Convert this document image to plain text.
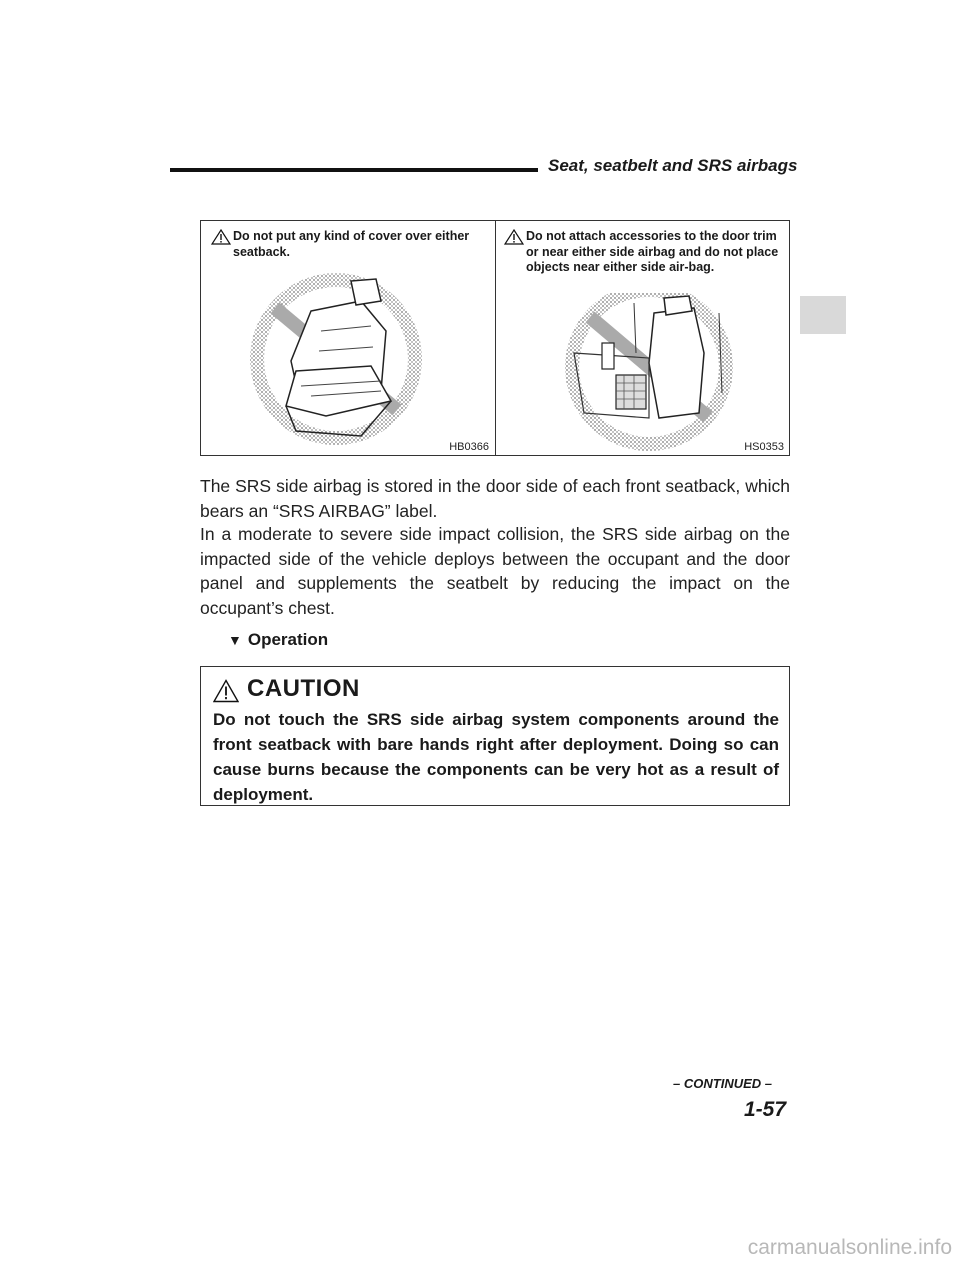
Seat, seatbelt and SRS airbags
Do not put any kind of cover over either seatback.
HB0366
Do not attach accessories to the door trim or near either side airbag and do not place objects near either side air-bag.
HS0353
The SRS side airbag is stored in the door side of each front seatback, which bears an “SRS AIRBAG” label.
In a moderate to severe side impact collision, the SRS side airbag on the impacted side of the vehicle deploys between the occupant and the door panel and supplements the seatbelt by reducing the impact on the occupant’s chest.
▼ Operation
CAUTION
Do not touch the SRS side airbag system components around the front seatback with bare hands right after deployment. Doing so can cause burns because the components can be very hot as a result of deployment.
– CONTINUED –
1-57
carmanualsonline.info
